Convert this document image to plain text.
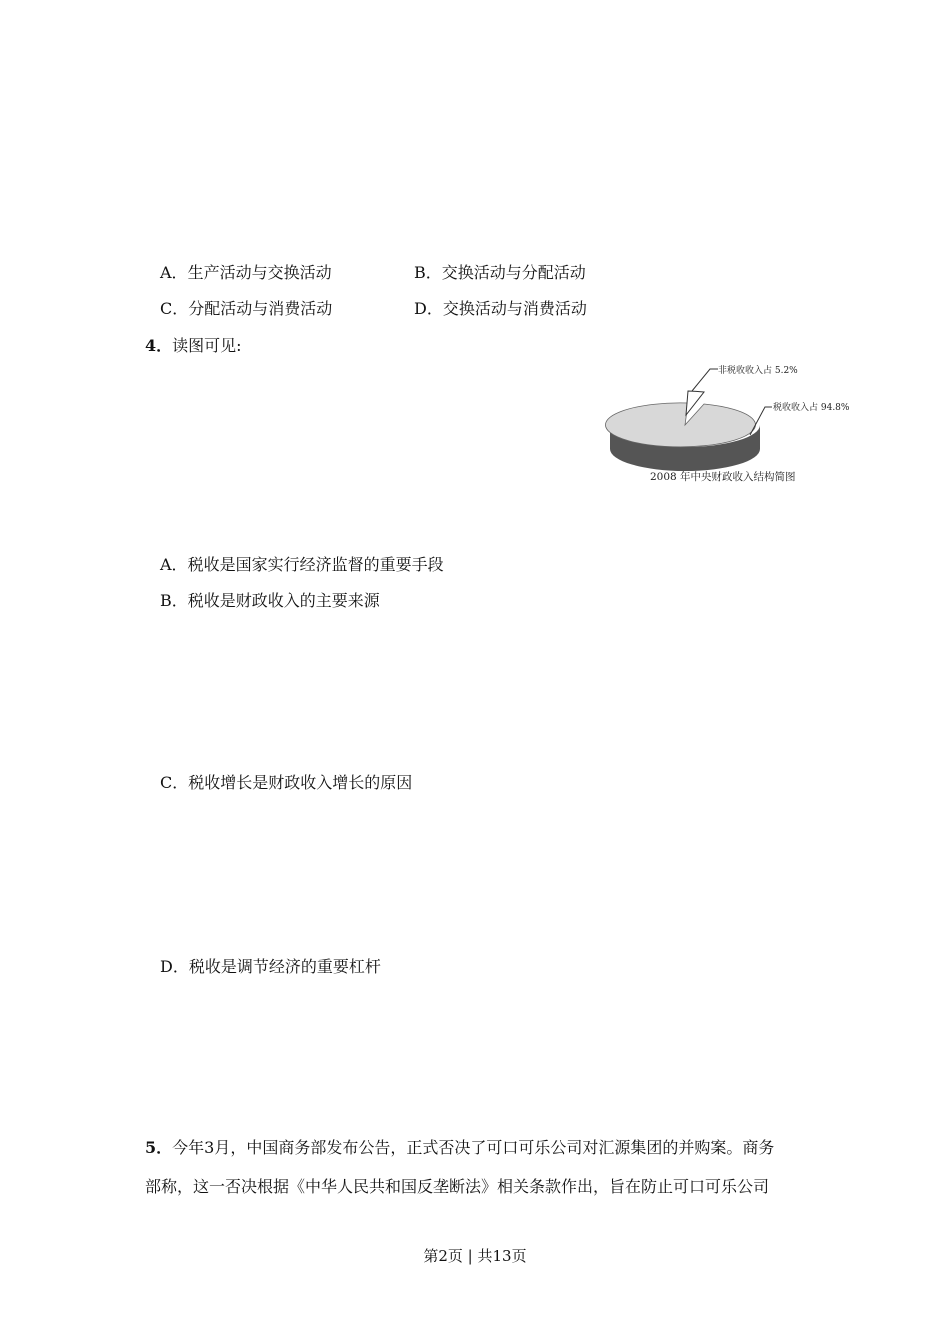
A．生产活动与交换活动	B．交换活动与分配活动
C．分配活动与消费活动	D．交换活动与消费活动
4．读图可见:
非税收收入占 5.2%
税收收入占 94.8%
2008 年中央财政收入结构简图
A．税收是国家实行经济监督的重要手段
B．税收是财政收入的主要来源
C．税收增长是财政收入增长的原因
D．税收是调节经济的重要杠杆
5．今年3月，中国商务部发布公告，正式否决了可口可乐公司对汇源集团的并购案。商务
部称，这一否决根据《中华人民共和国反垄断法》相关条款作出，旨在防止可口可乐公司
第2页 | 共13页
